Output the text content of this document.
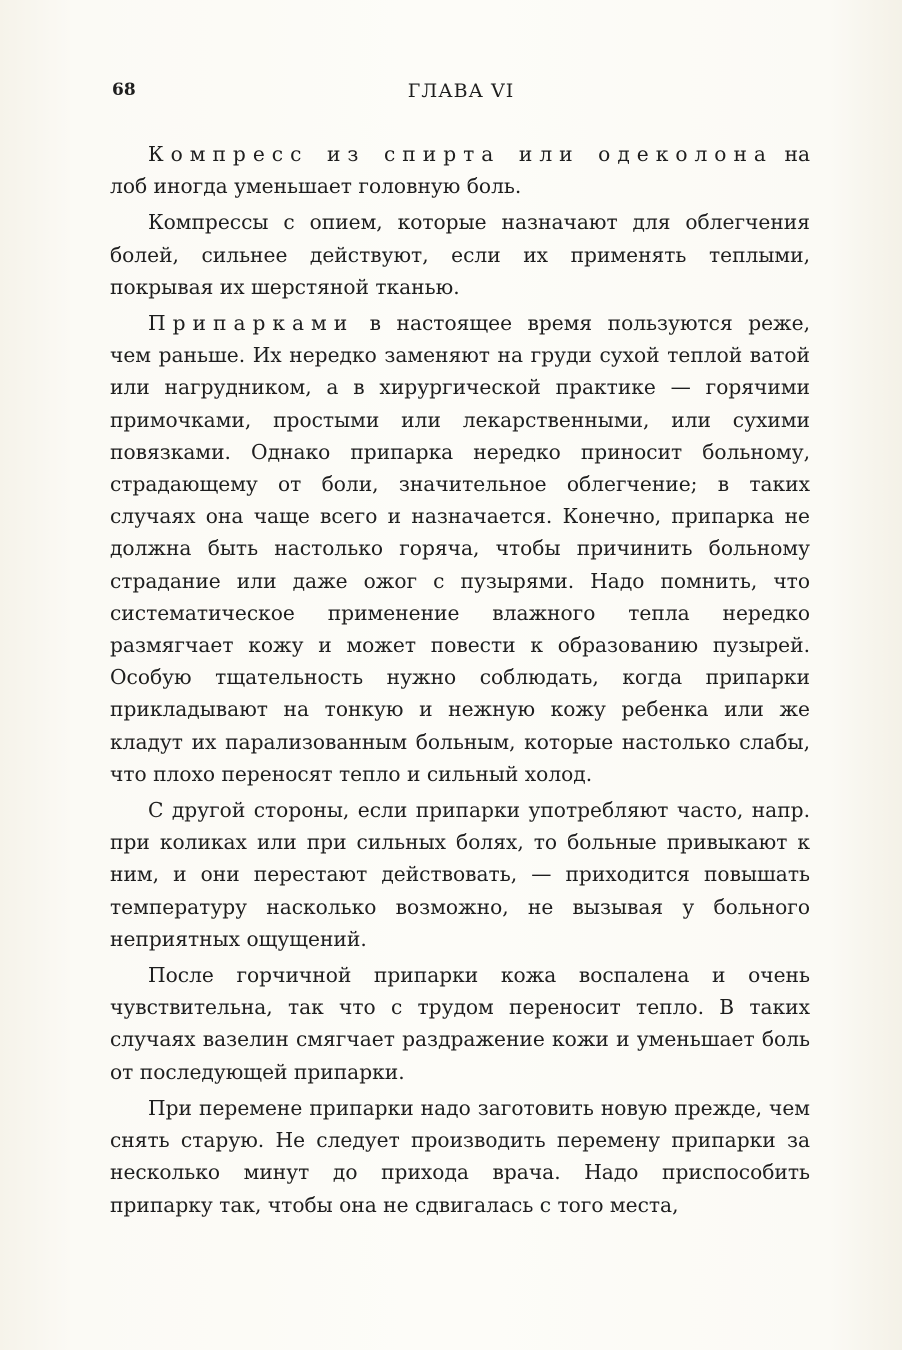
68	ГЛАВА VI

Компресс из спирта или одеколона на лоб иногда уменьшает головную боль.

Компрессы с опием, которые назначают для облегчения болей, сильнее действуют, если их применять теплыми, покрывая их шерстяной тканью.

Припарками в настоящее время пользуются реже, чем раньше. Их нередко заменяют на груди сухой теплой ватой или нагрудником, а в хирургической практике — горячими примочками, простыми или лекарственными, или сухими повязками. Однако припарка нередко приносит больному, страдающему от боли, значительное облегчение; в таких случаях она чаще всего и назначается. Конечно, припарка не должна быть настолько горяча, чтобы причинить больному страдание или даже ожог с пузырями. Надо помнить, что систематическое применение влажного тепла нередко размягчает кожу и может повести к образованию пузырей. Особую тщательность нужно соблюдать, когда припарки прикладывают на тонкую и нежную кожу ребенка или же кладут их парализованным больным, которые настолько слабы, что плохо переносят тепло и сильный холод.

С другой стороны, если припарки употребляют часто, напр. при коликах или при сильных болях, то больные привыкают к ним, и они перестают действовать, — приходится повышать температуру насколько возможно, не вызывая у больного неприятных ощущений.

После горчичной припарки кожа воспалена и очень чувствительна, так что с трудом переносит тепло. В таких случаях вазелин смягчает раздражение кожи и уменьшает боль от последующей припарки.

При перемене припарки надо заготовить новую прежде, чем снять старую. Не следует производить перемену припарки за несколько минут до прихода врача. Надо приспособить припарку так, чтобы она не сдвигалась с того места,
